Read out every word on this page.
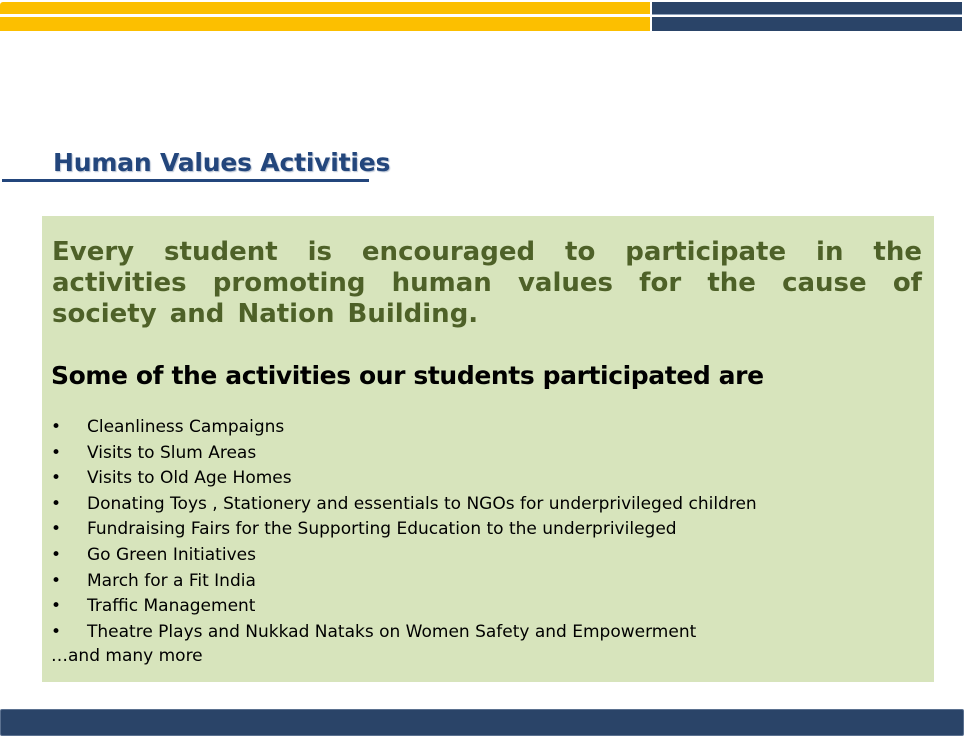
Human Values Activities
Every student is encouraged to participate in the activities promoting human values for the cause of society and Nation Building.
Some of the activities our students participated are
•	Cleanliness Campaigns
•	Visits to Slum Areas
•	Visits to Old Age Homes
•	Donating Toys , Stationery and essentials to NGOs for underprivileged children
•	Fundraising Fairs for the Supporting Education to the underprivileged
•	Go Green Initiatives
•	March for a Fit India
•	Traffic Management
•	Theatre Plays and Nukkad Nataks on Women Safety and Empowerment
…and many more
